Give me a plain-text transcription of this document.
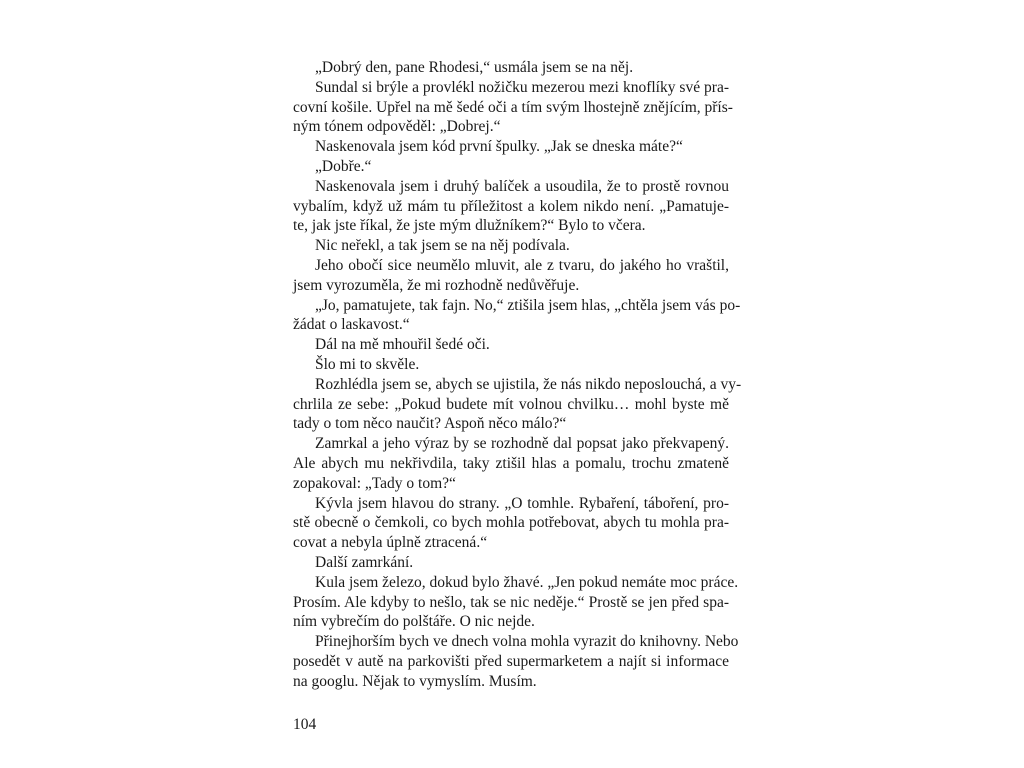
„Dobrý den, pane Rhodesi,“ usmála jsem se na něj.
Sundal si brýle a provlékl nožičku mezerou mezi knoflíky své pra-
covní košile. Upřel na mě šedé oči a tím svým lhostejně znějícím, přís-
ným tónem odpověděl: „Dobrej.“
Naskenovala jsem kód první špulky. „Jak se dneska máte?“
„Dobře.“
Naskenovala jsem i druhý balíček a usoudila, že to prostě rovnou
vybalím, když už mám tu příležitost a kolem nikdo není. „Pamatuje-
te, jak jste říkal, že jste mým dlužníkem?“ Bylo to včera.
Nic neřekl, a tak jsem se na něj podívala.
Jeho obočí sice neumělo mluvit, ale z tvaru, do jakého ho vraštil,
jsem vyrozuměla, že mi rozhodně nedůvěřuje.
„Jo, pamatujete, tak fajn. No,“ ztišila jsem hlas, „chtěla jsem vás po-
žádat o laskavost.“
Dál na mě mhouřil šedé oči.
Šlo mi to skvěle.
Rozhlédla jsem se, abych se ujistila, že nás nikdo neposlouchá, a vy-
chrlila ze sebe: „Pokud budete mít volnou chvilku… mohl byste mě
tady o tom něco naučit? Aspoň něco málo?“
Zamrkal a jeho výraz by se rozhodně dal popsat jako překvapený.
Ale abych mu nekřivdila, taky ztišil hlas a pomalu, trochu zmateně
zopakoval: „Tady o tom?“
Kývla jsem hlavou do strany. „O tomhle. Rybaření, táboření, pro-
stě obecně o čemkoli, co bych mohla potřebovat, abych tu mohla pra-
covat a nebyla úplně ztracená.“
Další zamrkání.
Kula jsem železo, dokud bylo žhavé. „Jen pokud nemáte moc práce.
Prosím. Ale kdyby to nešlo, tak se nic neděje.“ Prostě se jen před spa-
ním vybrečím do polštáře. O nic nejde.
Přinejhorším bych ve dnech volna mohla vyrazit do knihovny. Nebo
posedět v autě na parkovišti před supermarketem a najít si informace
na googlu. Nějak to vymyslím. Musím.
104
